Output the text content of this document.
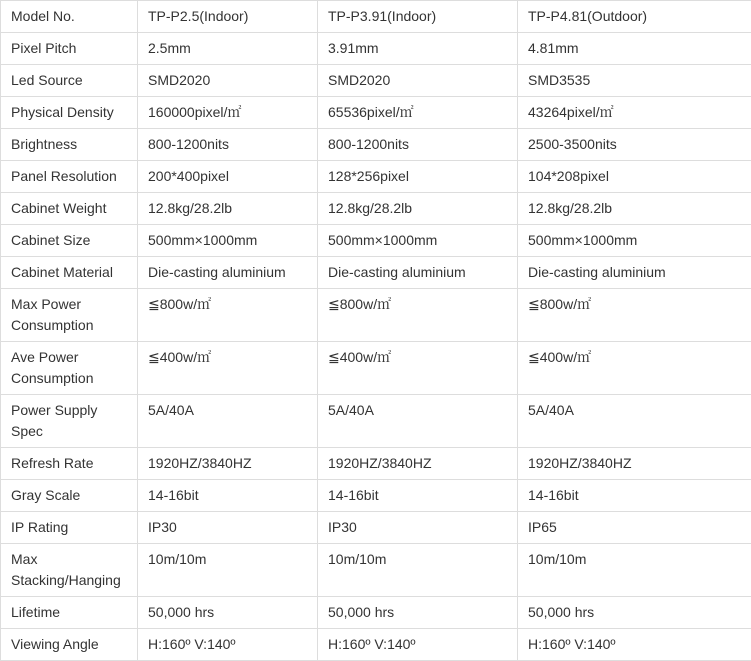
Model No.	TP-P2.5(Indoor)	TP-P3.91(Indoor)	TP-P4.81(Outdoor)
Pixel Pitch	2.5mm	3.91mm	4.81mm
Led Source	SMD2020	SMD2020	SMD3535
Physical Density	160000pixel/㎡	65536pixel/㎡	43264pixel/㎡
Brightness	800-1200nits	800-1200nits	2500-3500nits
Panel Resolution	200*400pixel	128*256pixel	104*208pixel
Cabinet Weight	12.8kg/28.2lb	12.8kg/28.2lb	12.8kg/28.2lb
Cabinet Size	500mm×1000mm	500mm×1000mm	500mm×1000mm
Cabinet Material	Die-casting aluminium	Die-casting aluminium	Die-casting aluminium
Max Power Consumption	≦800w/㎡	≦800w/㎡	≦800w/㎡
Ave Power Consumption	≦400w/㎡	≦400w/㎡	≦400w/㎡
Power Supply Spec	5A/40A	5A/40A	5A/40A
Refresh Rate	1920HZ/3840HZ	1920HZ/3840HZ	1920HZ/3840HZ
Gray Scale	14-16bit	14-16bit	14-16bit
IP Rating	IP30	IP30	IP65
Max Stacking/Hanging	10m/10m	10m/10m	10m/10m
Lifetime	50,000 hrs	50,000 hrs	50,000 hrs
Viewing Angle	H:160º V:140º	H:160º V:140º	H:160º V:140º
